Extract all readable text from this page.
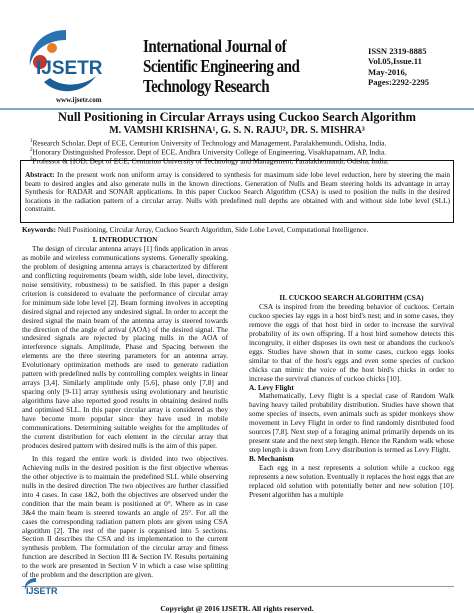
IJSETR
International Journal of
Scientific Engineering and Technology Research
ISSN 2319-8885
Vol.05,Issue.11
May-2016,
Pages:2292-2295
www.ijsetr.com
Null Positioning in Circular Arrays using Cuckoo Search Algorithm
M. VAMSHI KRISHNA¹, G. S. N. RAJU², DR. S. MISHRA³
$^1$Research Scholar, Dept of ECE, Centurion University of Technology and Management, Paralakhemundi, Odisha, India.
$^2$Honorary Distinguished Professor, Dept of ECE, Andhra University College of Engineering, Visakhapatnam, AP, India.
$^3$Professor & HOD, Dept of ECE, Centurion University of Technology and Management, Paralakhemundi, Odisha, India.
Abstract: In the present work non uniform array is considered to synthesis for maximum side lobe level reduction, here by steering the main beam to desired angles and also generate nulls in the known directions. Generation of Nulls and Beam steering holds its advantage in array Synthesis for RADAR and SONAR applications. In this paper Cuckoo Search Algorithm (CSA) is used to position the nulls in the desired locations in the radiation pattern of a circular array. Nulls with predefined null depths are obtained with and without side lobe level (SLL) constraint.
Keywords: Null Positioning, Circular Array, Cuckoo Search Algorithm, Side Lobe Level, Computational Intelligence.

I. INTRODUCTION

The design of circular antenna arrays [1] finds application in areas as mobile and wireless communications systems. Generally speaking, the problem of designing antenna arrays is characterized by different and conflicting requirements (beam width, side lobe level, directivity, noise sensitivity, robustness) to be satisfied. In this paper a design criterion is considered to evaluate the performance of circular array for minimum side lobe level [2]. Beam forming involves in accepting desired signal and rejected any undesired signal. In order to accept the desired signal the main beam of the antenna array is steered towards the direction of the angle of arrival (AOA) of the desired signal. The undesired signals are rejected by placing nulls in the AOA of interference signals. Amplitude, Phase and Spacing between the elements are the three steering parameters for an antenna array. Evolutionary optimization methods are used to generate radiation pattern with predefined nulls by controlling complex weights in linear arrays [3,4]. Similarly amplitude only [5,6], phase only [7,8] and spacing only [9-11] array synthesis using evolutionary and heuristic algorithms have also reported good results in obtaining desired nulls and optimised SLL. In this paper circular array is considered as they have become more popular since they have used in mobile communications. Determining suitable weights for the amplitudes of the current distribution for each element in the circular array that produces desired pattern with desired nulls is the aim of this paper.

In this regard the entire work is divided into two objectives. Achieving nulls in the desired position is the first objective whereas the other objective is to maintain the predefined SLL while observing nulls in the desired direction The two objectives are further classified into 4 cases. In case 1&2, both the objectives are observed under the condition that the main beam is positioned at 0°. Where as in case 3&4 the main beam is steered towards an angle of 25°. For all the cases the corresponding radiation pattern plots are given using CSA algorithm [2]. The rest of the paper is organised into 5 sections. Section II describes the CSA and its implementation to the current synthesis problem. The formulation of the circular array and fitness function are described in Section III & Section IV. Results pertaining to the work are presented in Section V in which a case wise splitting of the problem and the description are given.

II. CUCKOO SEARCH ALGORITHM (CSA)

CSA is inspired from the breeding behavior of cuckoos. Certain cuckoo species lay eggs in a host bird's nest; and in some cases, they remove the eggs of that host bird in order to increase the survival probability of its own offspring. If a host bird somehow detects this incongruity, it either disposes its own nest or abandons the cuckoo's eggs. Studies have shown that in some cases, cuckoo eggs looks similar to that of the host's eggs and even some species of cuckoo chicks can mimic the voice of the host bird's chicks in order to increase the survival chances of cuckoo chicks [10].

A. Levy Flight

Mathematically, Levy flight is a special case of Random Walk having heavy tailed probability distribution. Studies have shown that some species of insects, even animals such as spider monkeys show movement in Levy Flight in order to find randomly distributed food sources [7,8]. Next step of a foraging animal primarily depends on its present state and the next step length. Hence the Random walk whose step length is drawn from Levy distribution is termed as Levy Flight.

B. Mechanism

Each egg in a nest represents a solution while a cuckoo egg represents a new solution. Eventually it replaces the host eggs that are replaced old solution with potentially better and new solution [10]. Present algorithm has a multiple

IJSETR
Copyright @ 2016 IJSETR. All rights reserved.
